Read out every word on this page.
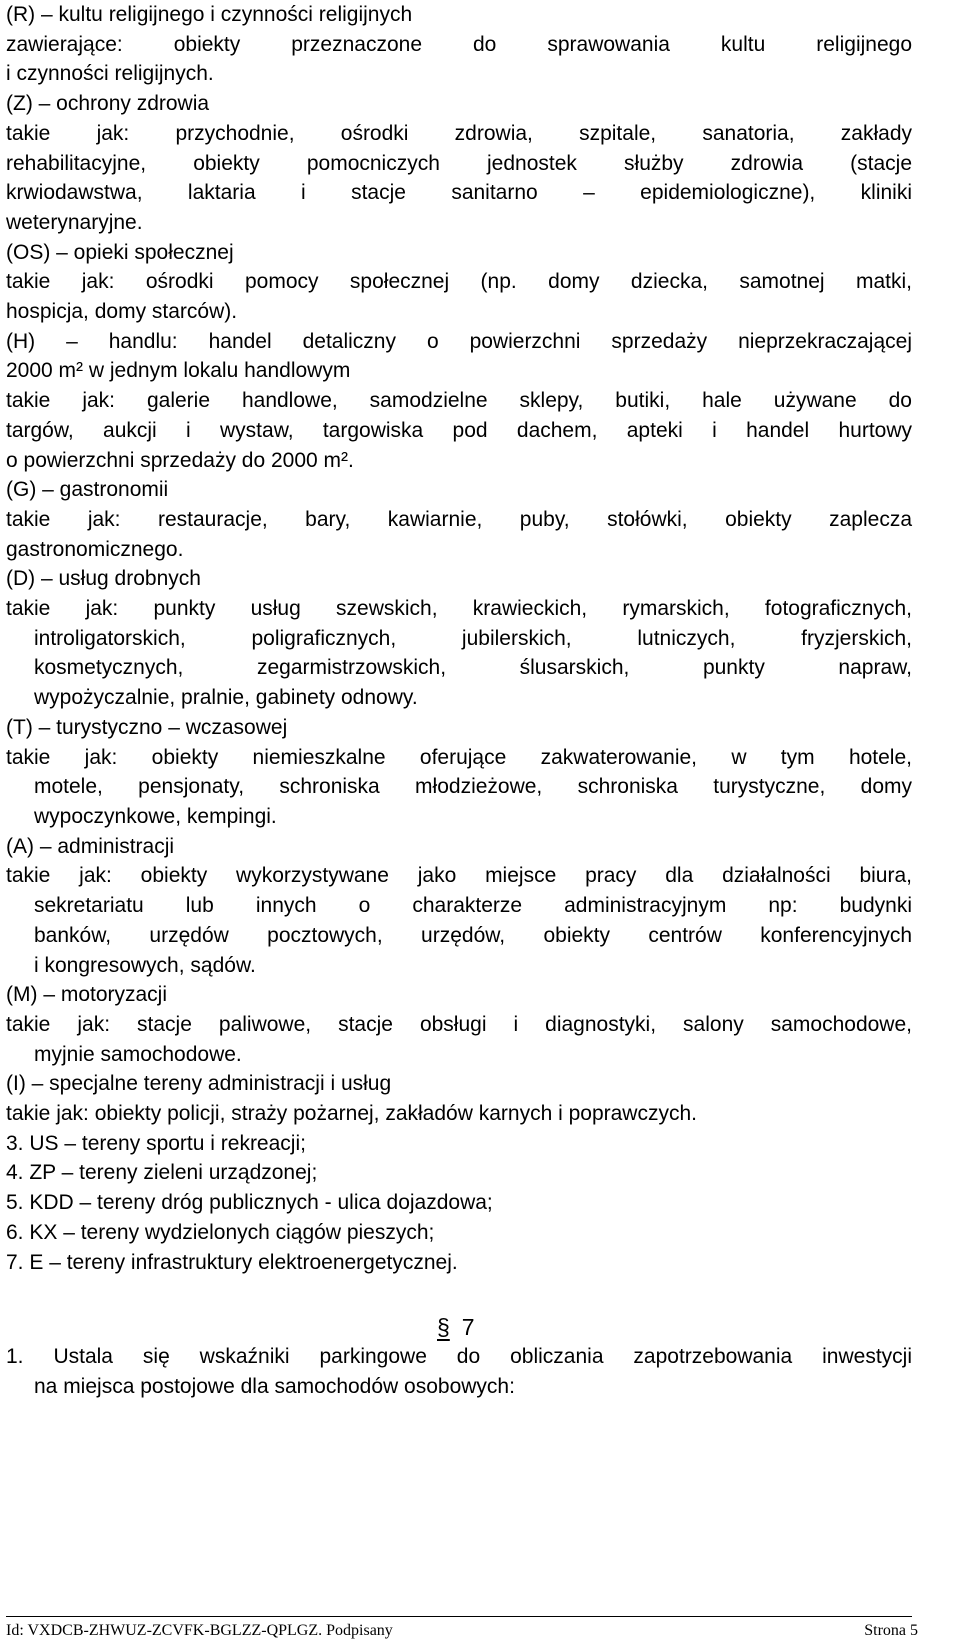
(R) – kultu religijnego i czynności religijnych

zawierające: obiekty przeznaczone do sprawowania kultu religijnego

i czynności religijnych.

(Z) – ochrony zdrowia

takie jak: przychodnie, ośrodki zdrowia, szpitale, sanatoria, zakłady

rehabilitacyjne, obiekty pomocniczych jednostek służby zdrowia (stacje

krwiodawstwa, laktaria i stacje sanitarno – epidemiologiczne), kliniki

weterynaryjne.

(OS) – opieki społecznej

takie jak: ośrodki pomocy społecznej (np. domy dziecka, samotnej matki,

hospicja, domy starców).

(H) – handlu: handel detaliczny o powierzchni sprzedaży nieprzekraczającej

2000 m² w jednym lokalu handlowym

takie jak: galerie handlowe, samodzielne sklepy, butiki, hale używane do

targów, aukcji i wystaw, targowiska pod dachem, apteki i handel hurtowy

o powierzchni sprzedaży do 2000 m².

(G) – gastronomii

takie jak: restauracje, bary, kawiarnie, puby, stołówki, obiekty zaplecza

gastronomicznego.

(D) – usług drobnych

takie jak: punkty usług szewskich, krawieckich, rymarskich, fotograficznych,

introligatorskich, poligraficznych, jubilerskich, lutniczych, fryzjerskich,

kosmetycznych, zegarmistrzowskich, ślusarskich, punkty napraw,

wypożyczalnie, pralnie, gabinety odnowy.

(T) – turystyczno – wczasowej

takie jak: obiekty niemieszkalne oferujące zakwaterowanie, w tym hotele,

motele, pensjonaty, schroniska młodzieżowe, schroniska turystyczne, domy

wypoczynkowe, kempingi.

(A) – administracji

takie jak: obiekty wykorzystywane jako miejsce pracy dla działalności biura,

sekretariatu lub innych o charakterze administracyjnym np: budynki

banków, urzędów pocztowych, urzędów, obiekty centrów konferencyjnych

i kongresowych, sądów.

(M) – motoryzacji

takie jak: stacje paliwowe, stacje obsługi i diagnostyki, salony samochodowe,

myjnie samochodowe.

(I) – specjalne tereny administracji i usług

takie jak: obiekty policji, straży pożarnej, zakładów karnych i poprawczych.

3. US – tereny sportu i rekreacji;

4. ZP – tereny zieleni urządzonej;

5. KDD – tereny dróg publicznych - ulica dojazdowa;

6. KX – tereny wydzielonych ciągów pieszych;

7. E – tereny infrastruktury elektroenergetycznej.

§ 7

1. Ustala się wskaźniki parkingowe do obliczania zapotrzebowania inwestycji

na miejsca postojowe dla samochodów osobowych:

Id: VXDCB-ZHWUZ-ZCVFK-BGLZZ-QPLGZ. Podpisany	Strona 5
